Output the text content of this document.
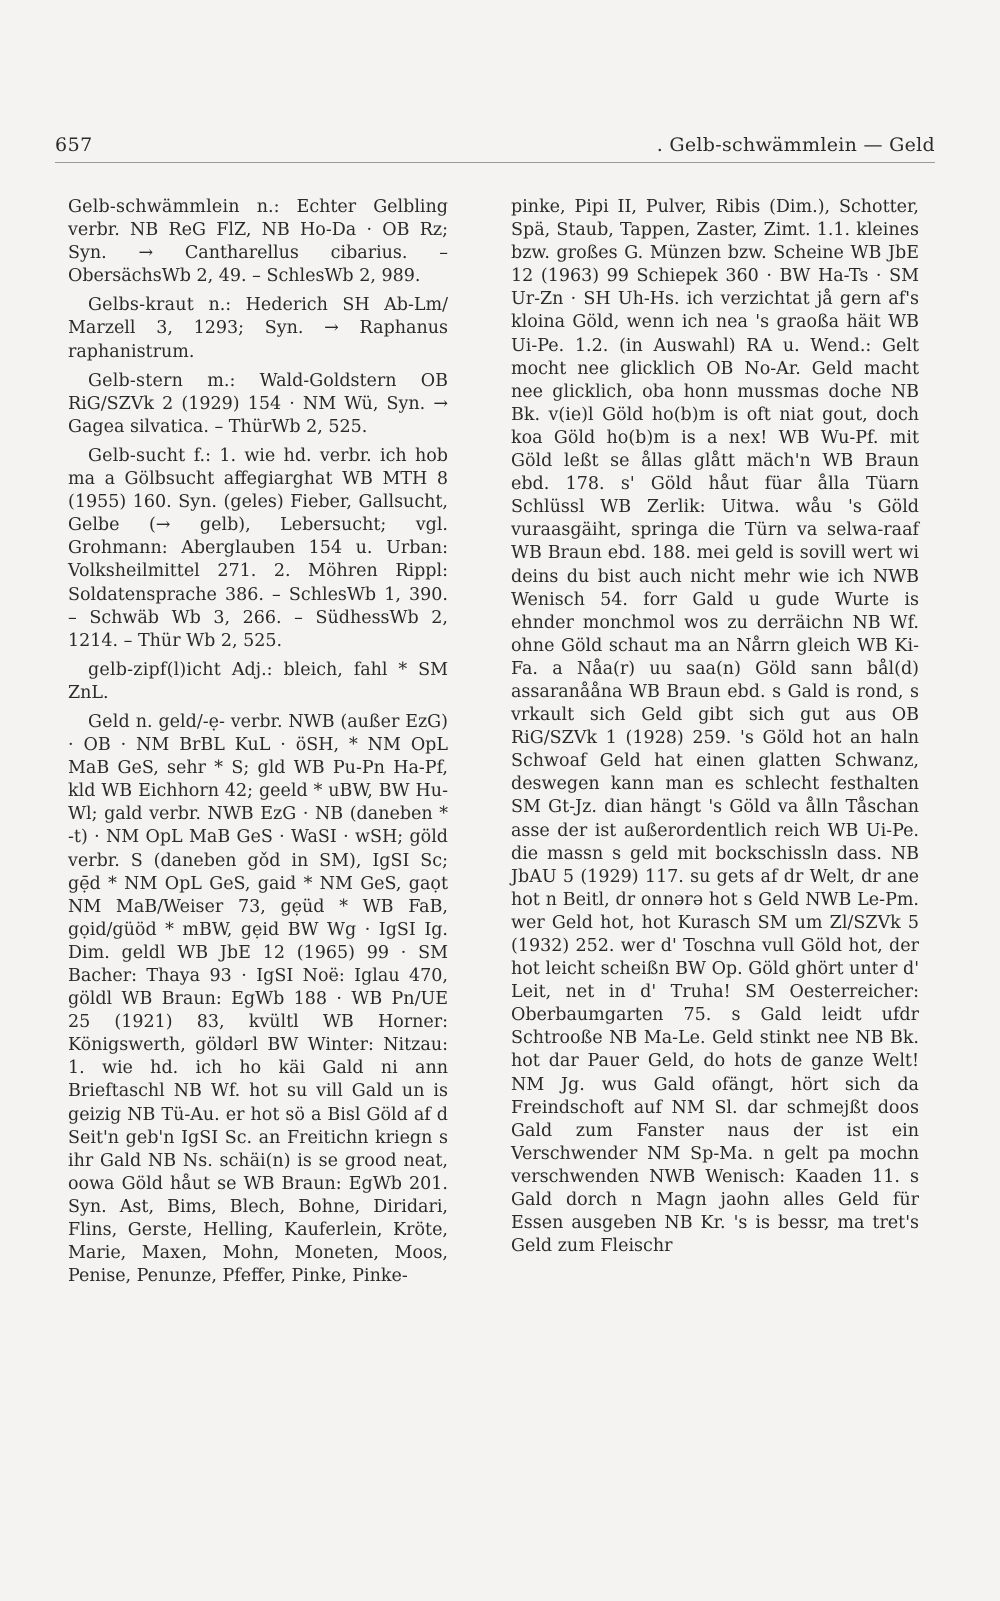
657	. Gelb-schwämmlein — Geld

Gelb-schwämmlein n.: Echter Gelbling verbr. NB ReG FlZ, NB Ho-Da · OB Rz; Syn. → Cantharellus cibarius. – ObersächsWb 2, 49. – SchlesWb 2, 989.

Gelbs-kraut n.: Hederich SH Ab-Lm/ Marzell 3, 1293; Syn. → Raphanus raphanistrum.

Gelb-stern m.: Wald-Goldstern OB RiG/SZVk 2 (1929) 154 · NM Wü, Syn. → Gagea silvatica. – ThürWb 2, 525.

Gelb-sucht f.: 1. wie hd. verbr. ich hob ma a Gölbsucht affegiarghat WB MTH 8 (1955) 160. Syn. (geles) Fieber, Gallsucht, Gelbe (→ gelb), Lebersucht; vgl. Grohmann: Aberglauben 154 u. Urban: Volksheilmittel 271. 2. Möhren Rippl: Soldatensprache 386. – SchlesWb 1, 390. – Schwäb Wb 3, 266. – SüdhessWb 2, 1214. – Thür Wb 2, 525.

gelb-zipf(l)icht Adj.: bleich, fahl * SM ZnL.

Geld n. geld/-ẹ- verbr. NWB (außer EzG) · OB · NM BrBL KuL · öSH, * NM OpL MaB GeS, sehr * S; gld WB Pu-Pn Ha-Pf, kld WB Eichhorn 42; geeld * uBW, BW Hu-Wl; gald verbr. NWB EzG · NB (daneben * -t) · NM OpL MaB GeS · WaSI · wSH; göld verbr. S (daneben gǒd in SM), IgSI Sc; gẹ̄d * NM OpL GeS, gaid * NM GeS, gaọt NM MaB/Weiser 73, gẹüd * WB FaB, gọid/güöd * mBW, gẹid BW Wg · IgSI Ig. Dim. geldl WB JbE 12 (1965) 99 · SM Bacher: Thaya 93 · IgSI Noë: Iglau 470, göldl WB Braun: EgWb 188 · WB Pn/UE 25 (1921) 83, kvültl WB Horner: Königswerth, göldərl BW Winter: Nitzau: 1. wie hd. ich ho käi Gald ni ann Brieftaschl NB Wf. hot su vill Gald un is geizig NB Tü-Au. er hot sö a Bisl Göld af d Seit'n geb'n IgSI Sc. an Freitichn kriegn s ihr Gald NB Ns. schäi(n) is se grood neat, oowa Göld håut se WB Braun: EgWb 201. Syn. Ast, Bims, Blech, Bohne, Diridari, Flins, Gerste, Helling, Kauferlein, Kröte, Marie, Maxen, Mohn, Moneten, Moos, Penise, Penunze, Pfeffer, Pinke, Pinke-

pinke, Pipi II, Pulver, Ribis (Dim.), Schotter, Spä, Staub, Tappen, Zaster, Zimt. 1.1. kleines bzw. großes G. Münzen bzw. Scheine WB JbE 12 (1963) 99 Schiepek 360 · BW Ha-Ts · SM Ur-Zn · SH Uh-Hs. ich verzichtat jå gern af's kloina Göld, wenn ich nea 's graoßa häit WB Ui-Pe. 1.2. (in Auswahl) RA u. Wend.: Gelt mocht nee glicklich OB No-Ar. Geld macht nee glicklich, oba honn mussmas doche NB Bk. v(ie)l Göld ho(b)m is oft niat gout, doch koa Göld ho(b)m is a nex! WB Wu-Pf. mit Göld leßt se ållas glått mäch'n WB Braun ebd. 178. s' Göld håut füar ålla Tüarn Schlüssl WB Zerlik: Uitwa. wåu 's Göld vuraasgäiht, springa die Türn va selwa-raaf WB Braun ebd. 188. mei geld is sovill wert wi deins du bist auch nicht mehr wie ich NWB Wenisch 54. forr Gald u gude Wurte is ehnder monchmol wos zu derräichn NB Wf. ohne Göld schaut ma an Nårrn gleich WB Ki-Fa. a Nåa(r) uu saa(n) Göld sann bål(d) assaranååna WB Braun ebd. s Gald is rond, s vrkault sich Geld gibt sich gut aus OB RiG/SZVk 1 (1928) 259. 's Göld hot an haln Schwoaf Geld hat einen glatten Schwanz, deswegen kann man es schlecht festhalten SM Gt-Jz. dian hängt 's Göld va ålln Tåschan asse der ist außerordentlich reich WB Ui-Pe. die massn s geld mit bockschissln dass. NB JbAU 5 (1929) 117. su gets af dr Welt, dr ane hot n Beitl, dr onnərə hot s Geld NWB Le-Pm. wer Geld hot, hot Kurasch SM um Zl/SZVk 5 (1932) 252. wer d' Toschna vull Göld hot, der hot leicht scheißn BW Op. Göld ghört unter d' Leit, net in d' Truha! SM Oesterreicher: Oberbaumgarten 75. s Gald leidt ufdr Schtrooße NB Ma-Le. Geld stinkt nee NB Bk. hot dar Pauer Geld, do hots de ganze Welt! NM Jg. wus Gald ofängt, hört sich da Freindschoft auf NM Sl. dar schmejßt doos Gald zum Fanster naus der ist ein Verschwender NM Sp-Ma. n gelt pa mochn verschwenden NWB Wenisch: Kaaden 11. s Gald dorch n Magn jaohn alles Geld für Essen ausgeben NB Kr. 's is bessr, ma tret's Geld zum Fleischr
